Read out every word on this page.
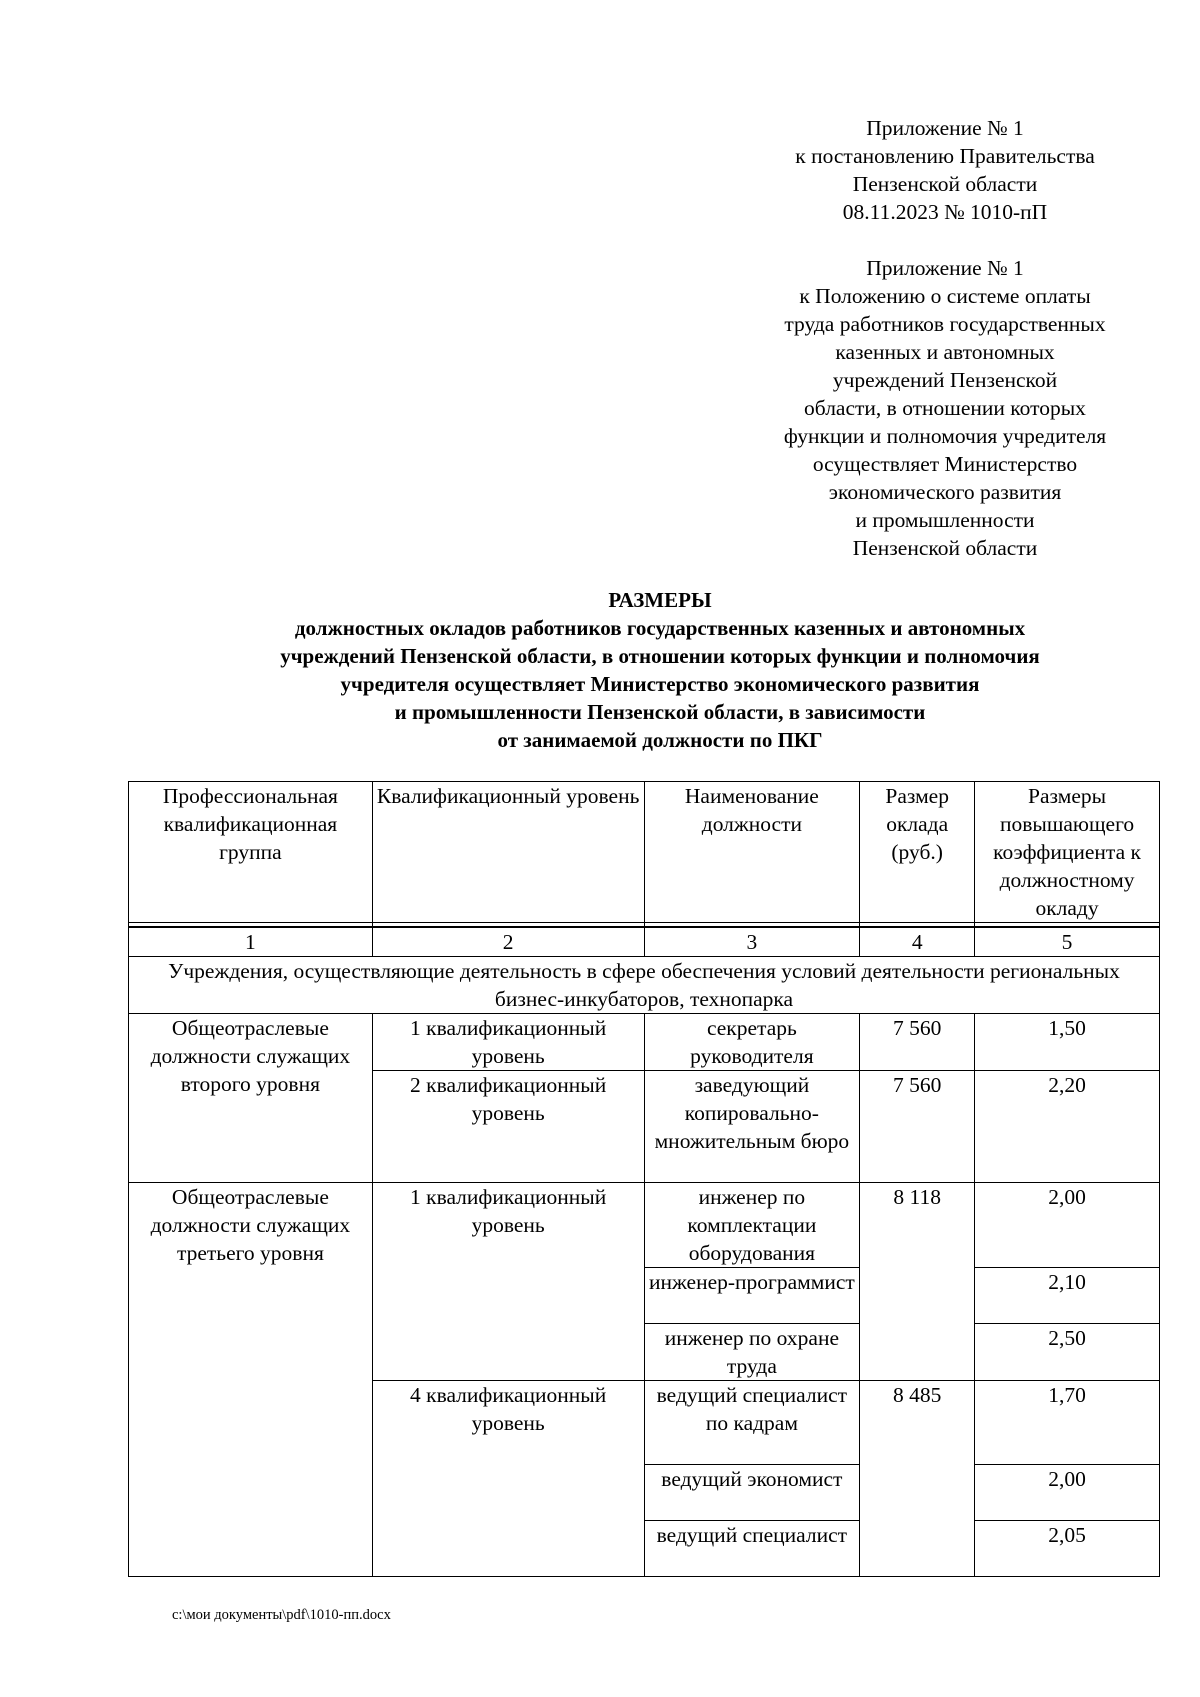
Приложение № 1
к постановлению Правительства
Пензенской области
08.11.2023 № 1010-пП
Приложение № 1
к Положению о системе оплаты
труда работников государственных
казенных и автономных
учреждений Пензенской
области, в отношении которых
функции и полномочия учредителя
осуществляет Министерство
экономического развития
и промышленности
Пензенской области
РАЗМЕРЫ
должностных окладов работников государственных казенных и автономных
учреждений Пензенской области, в отношении которых функции и полномочия
учредителя осуществляет Министерство экономического развития
и промышленности Пензенской области, в зависимости
от занимаемой должности по ПКГ
Профессиональная квалификационная группа	Квалификационный уровень	Наименование должности	Размер оклада (руб.)	Размеры повышающего коэффициента к должностному окладу

1	2	3	4	5
Учреждения, осуществляющие деятельность в сфере обеспечения условий деятельности региональных бизнес-инкубаторов, технопарка				
Общеотраслевые должности служащих второго уровня	1 квалификационный уровень	секретарь руководителя	7 560	1,50
	2 квалификационный уровень	заведующий копировально-множительным бюро	7 560	2,20
Общеотраслевые должности служащих третьего уровня	1 квалификационный уровень	инженер по комплектации оборудования	8 118	2,00
		инженер-программист		2,10
		инженер по охране труда		2,50
	4 квалификационный уровень	ведущий специалист по кадрам	8 485	1,70
		ведущий экономист		2,00
		ведущий специалист		2,05
c:\мои документы\pdf\1010-пп.docx
